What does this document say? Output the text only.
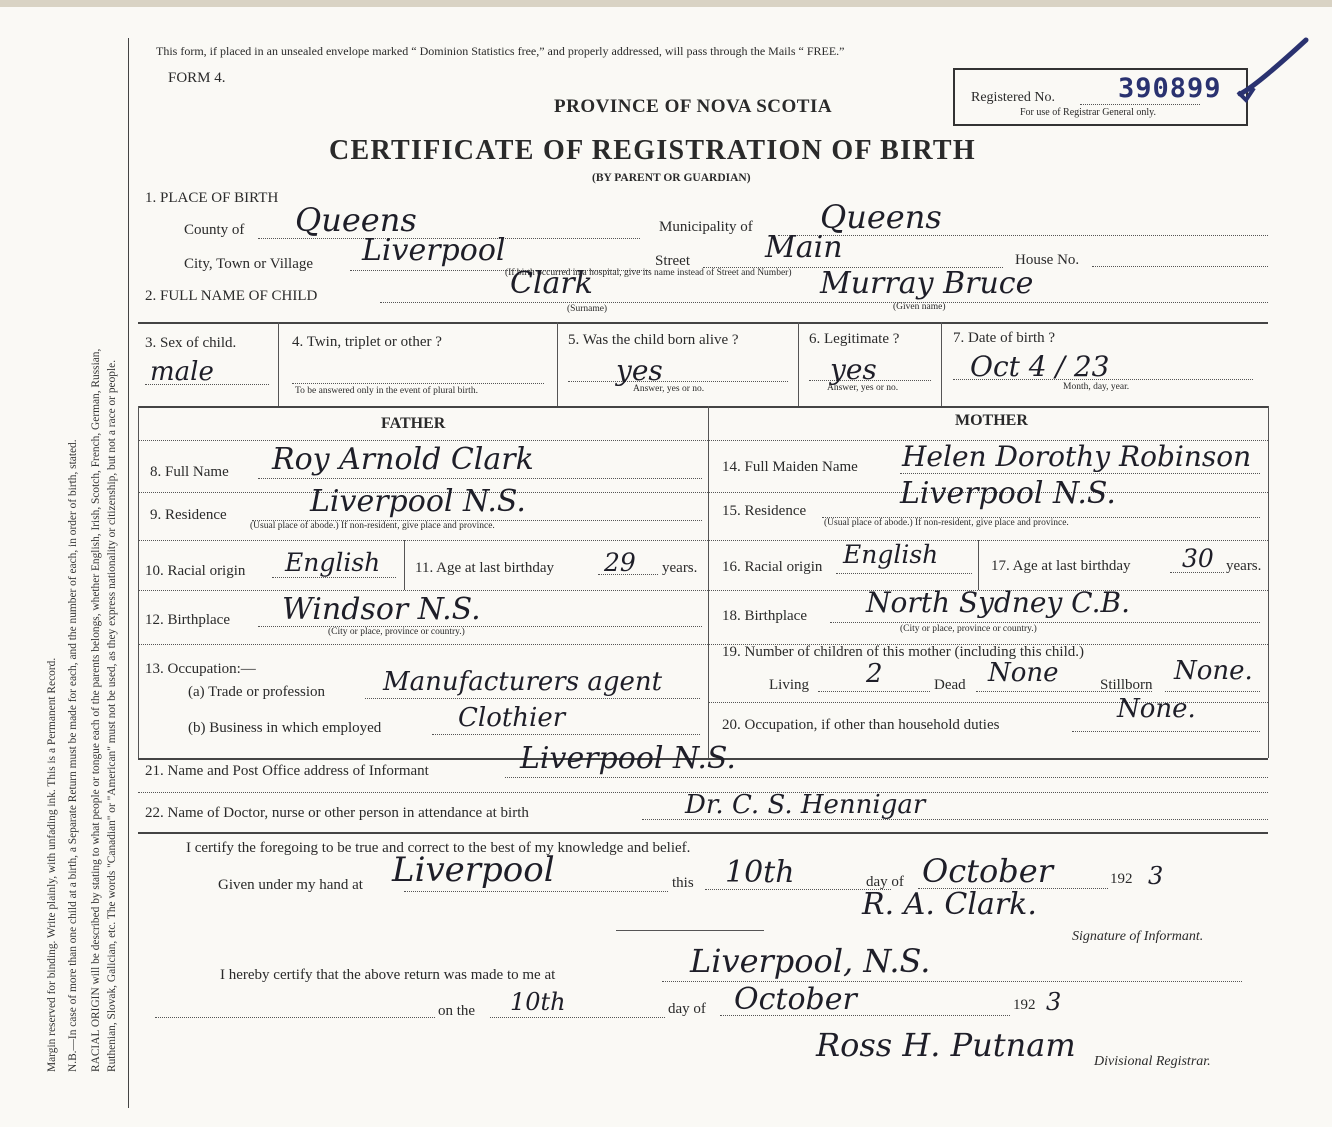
Margin reserved for binding. Write plainly, with unfading ink. This is a Permanent Record. N.B.—In case of more than one child at a birth, a Separate Return must be made for each, and the number of each, in order of birth, stated. RACIAL ORIGIN will be described by stating to what people or tongue each of the parents belongs, whether English, Irish, Scotch, French, German, Russian, Ruthenian, Slovak, Galician, etc. The words "Canadian" or "American" must not be used, as they express nationality or citizenship, but not a race or people.
This form, if placed in an unsealed envelope marked “ Dominion Statistics free,” and properly addressed, will pass through the Mails “ FREE.”
FORM 4.
PROVINCE OF NOVA SCOTIA
CERTIFICATE OF REGISTRATION OF BIRTH
(BY PARENT OR GUARDIAN)
Registered No. 390899
For use of Registrar General only.
1. PLACE OF BIRTH
County of Queens	Municipality of Queens
City, Town or Village Liverpool	Street	Main
(If birth occurred in a hospital, give its name instead of Street and Number)
House No.
2. FULL NAME OF CHILD	Clark
(Surname)
Murray Bruce
(Given name)
3. Sex of child.
male
4. Twin, triplet or other ?
To be answered only in the event of plural birth.
5. Was the child born alive ?
yes
Answer, yes or no.
6. Legitimate ?
yes
Answer, yes or no.
7. Date of birth ?
Oct 4 / 23
Month, day, year.
FATHER	MOTHER
8. Full Name Roy Arnold Clark
9. Residence	Liverpool N.S.
(Usual place of abode.) If non-resident, give place and province.
10. Racial origin English 11. Age at last birthday 29 years.
12. Birthplace Windsor N.S.
(City or place, province or country.)
13. Occupation:—
(a) Trade or profession Manufacturers agent
(b) Business in which employed	Clothier
14. Full Maiden Name Helen Dorothy Robinson
15. Residence	Liverpool N.S.
(Usual place of abode.) If non-resident, give place and province.
16. Racial origin English	17. Age at last birthday 30 years.
18. Birthplace North Sydney C.B.
(City or place, province or country.)
19. Number of children of this mother (including this child.)
Living 2	Dead None	Stillborn None.
20. Occupation, if other than household duties
None.
21. Name and Post Office address of Informant	Liverpool N.S.
22. Name of Doctor, nurse or other person in attendance at birth	Dr. C. S. Hennigar
I certify the foregoing to be true and correct to the best of my knowledge and belief.
Given under my hand at Liverpool	this 10th	day of October	192 3
R. A. Clark.
Signature of Informant.
I hereby certify that the above return was made to me at	Liverpool, N.S.
on the 10th	day of October	192 3
Ross H. Putnam Divisional Registrar.
